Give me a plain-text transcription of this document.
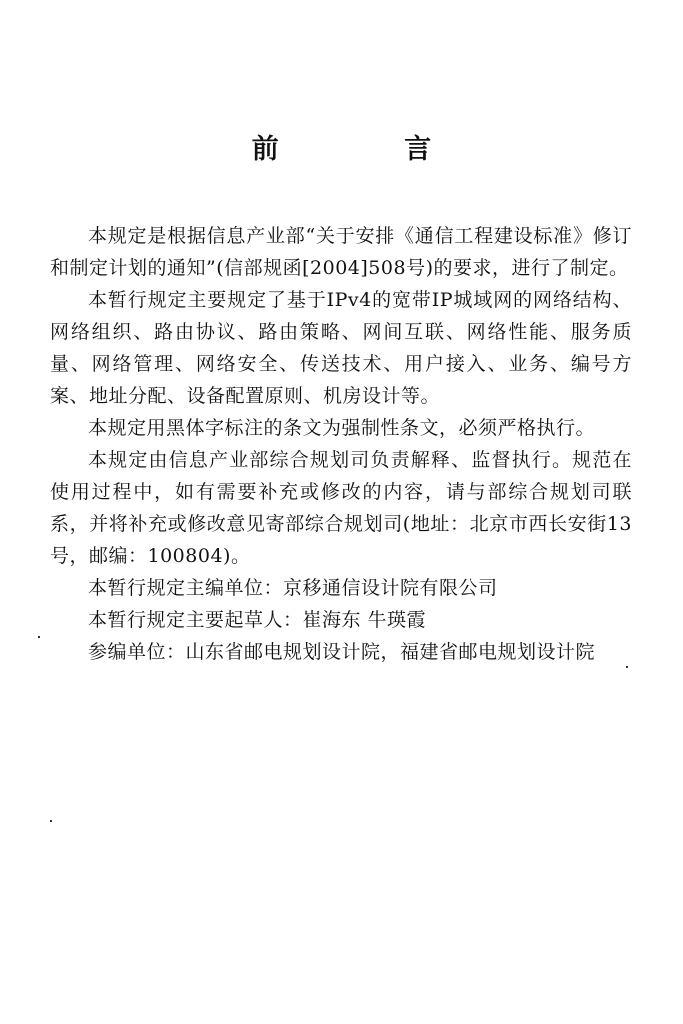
前 言

本规定是根据信息产业部“关于安排《通信工程建设标准》修订和制定计划的通知”(信部规函[2004]508号)的要求，进行了制定。

本暂行规定主要规定了基于IPv4的宽带IP城域网的网络结构、网络组织、路由协议、路由策略、网间互联、网络性能、服务质量、网络管理、网络安全、传送技术、用户接入、业务、编号方案、地址分配、设备配置原则、机房设计等。

本规定用黑体字标注的条文为强制性条文，必须严格执行。

本规定由信息产业部综合规划司负责解释、监督执行。规范在使用过程中，如有需要补充或修改的内容，请与部综合规划司联系，并将补充或修改意见寄部综合规划司(地址：北京市西长安街13号，邮编：100804)。

本暂行规定主编单位：京移通信设计院有限公司

本暂行规定主要起草人：崔海东 牛瑛霞

参编单位：山东省邮电规划设计院，福建省邮电规划设计院
